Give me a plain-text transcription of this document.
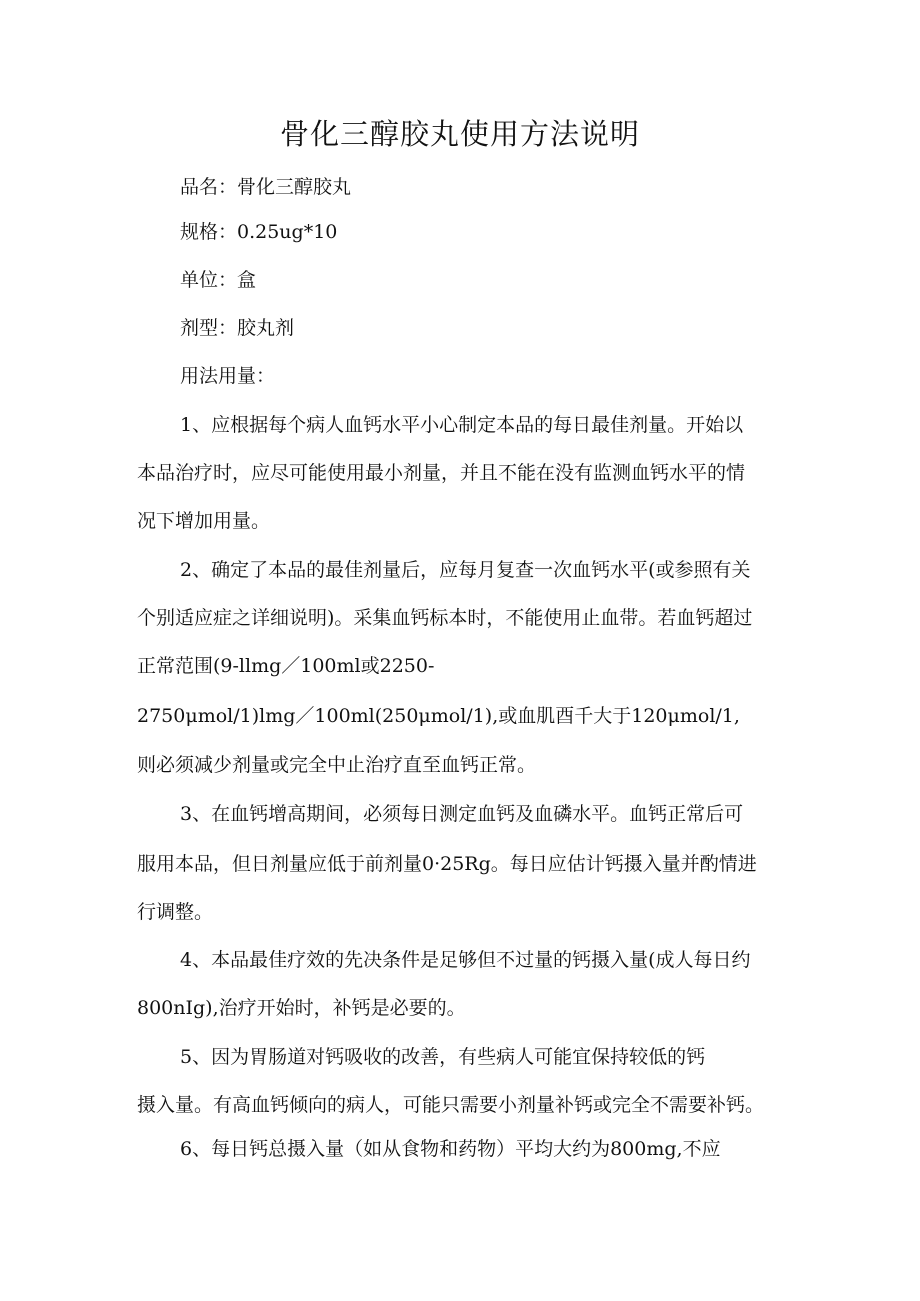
骨化三醇胶丸使用方法说明

品名：骨化三醇胶丸

规格：0.25ug*10

单位：盒

剂型：胶丸剂

用法用量：

1、应根据每个病人血钙水平小心制定本品的每日最佳剂量。开始以

本品治疗时，应尽可能使用最小剂量，并且不能在没有监测血钙水平的情

况下增加用量。

2、确定了本品的最佳剂量后，应每月复查一次血钙水平(或参照有关

个别适应症之详细说明)。采集血钙标本时，不能使用止血带。若血钙超过

正常范围(9-llmg／100ml或2250-

2750μmol/1)lmg／100ml(250μmol/1),或血肌酉千大于120μmol/1,

则必须减少剂量或完全中止治疗直至血钙正常。

3、在血钙增高期间，必须每日测定血钙及血磷水平。血钙正常后可

服用本品，但日剂量应低于前剂量0·25Rg。每日应估计钙摄入量并酌情进

行调整。

4、本品最佳疗效的先决条件是足够但不过量的钙摄入量(成人每日约

800nIg),治疗开始时，补钙是必要的。

5、因为胃肠道对钙吸收的改善，有些病人可能宜保持较低的钙

摄入量。有高血钙倾向的病人，可能只需要小剂量补钙或完全不需要补钙。

6、每日钙总摄入量（如从食物和药物）平均大约为800mg,不应
